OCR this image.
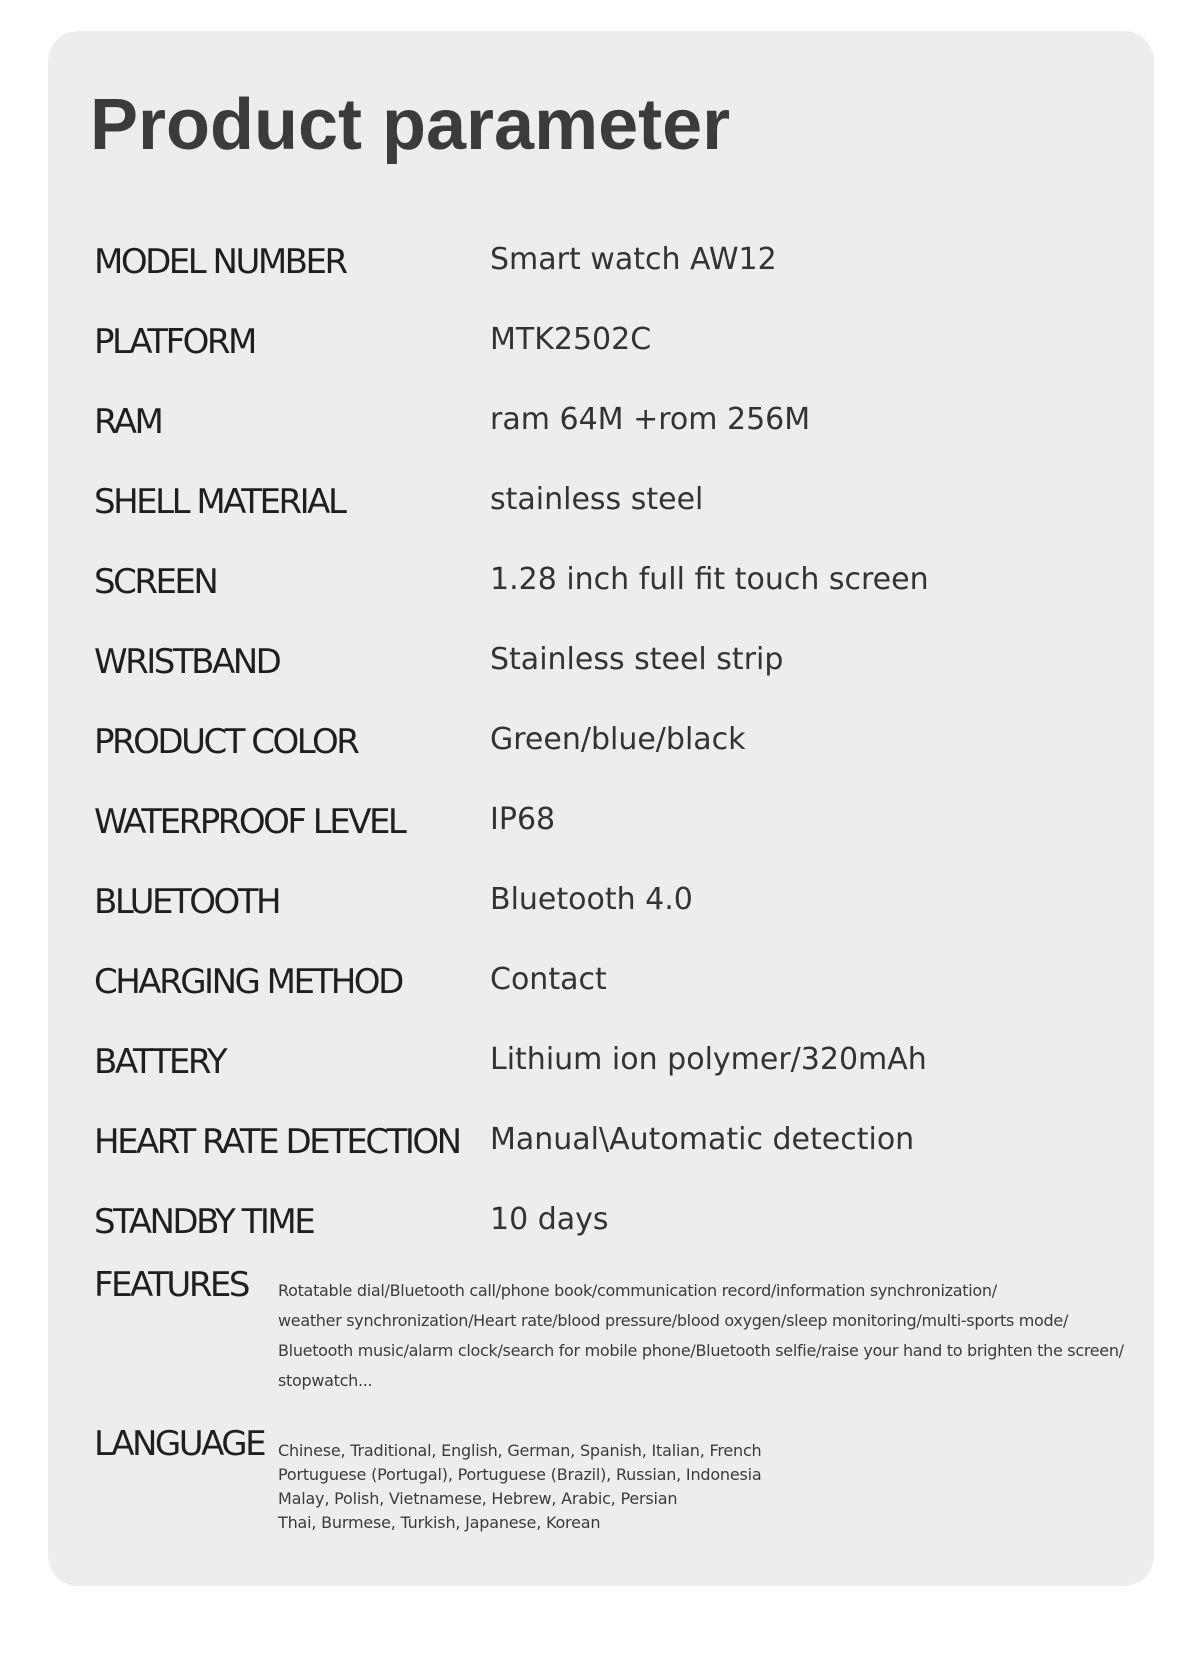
Product parameter
MODEL NUMBER	Smart watch AW12
PLATFORM	MTK2502C
RAM	ram 64M +rom 256M
SHELL MATERIAL	stainless steel
SCREEN	1.28 inch full fit touch screen
WRISTBAND	Stainless steel strip
PRODUCT COLOR	Green/blue/black
WATERPROOF LEVEL	IP68
BLUETOOTH	Bluetooth 4.0
CHARGING METHOD	Contact
BATTERY	Lithium ion polymer/320mAh
HEART RATE DETECTION Manual\Automatic detection
STANDBY TIME	10 days
FEATURES Rotatable dial/Bluetooth call/phone book/communication record/information synchronization/
weather synchronization/Heart rate/blood pressure/blood oxygen/sleep monitoring/multi-sports mode/
Bluetooth music/alarm clock/search for mobile phone/Bluetooth selfie/raise your hand to brighten the screen/
stopwatch...
LANGUAGE Chinese, Traditional, English, German, Spanish, Italian, French
Portuguese (Portugal), Portuguese (Brazil), Russian, Indonesia
Malay, Polish, Vietnamese, Hebrew, Arabic, Persian
Thai, Burmese, Turkish, Japanese, Korean
